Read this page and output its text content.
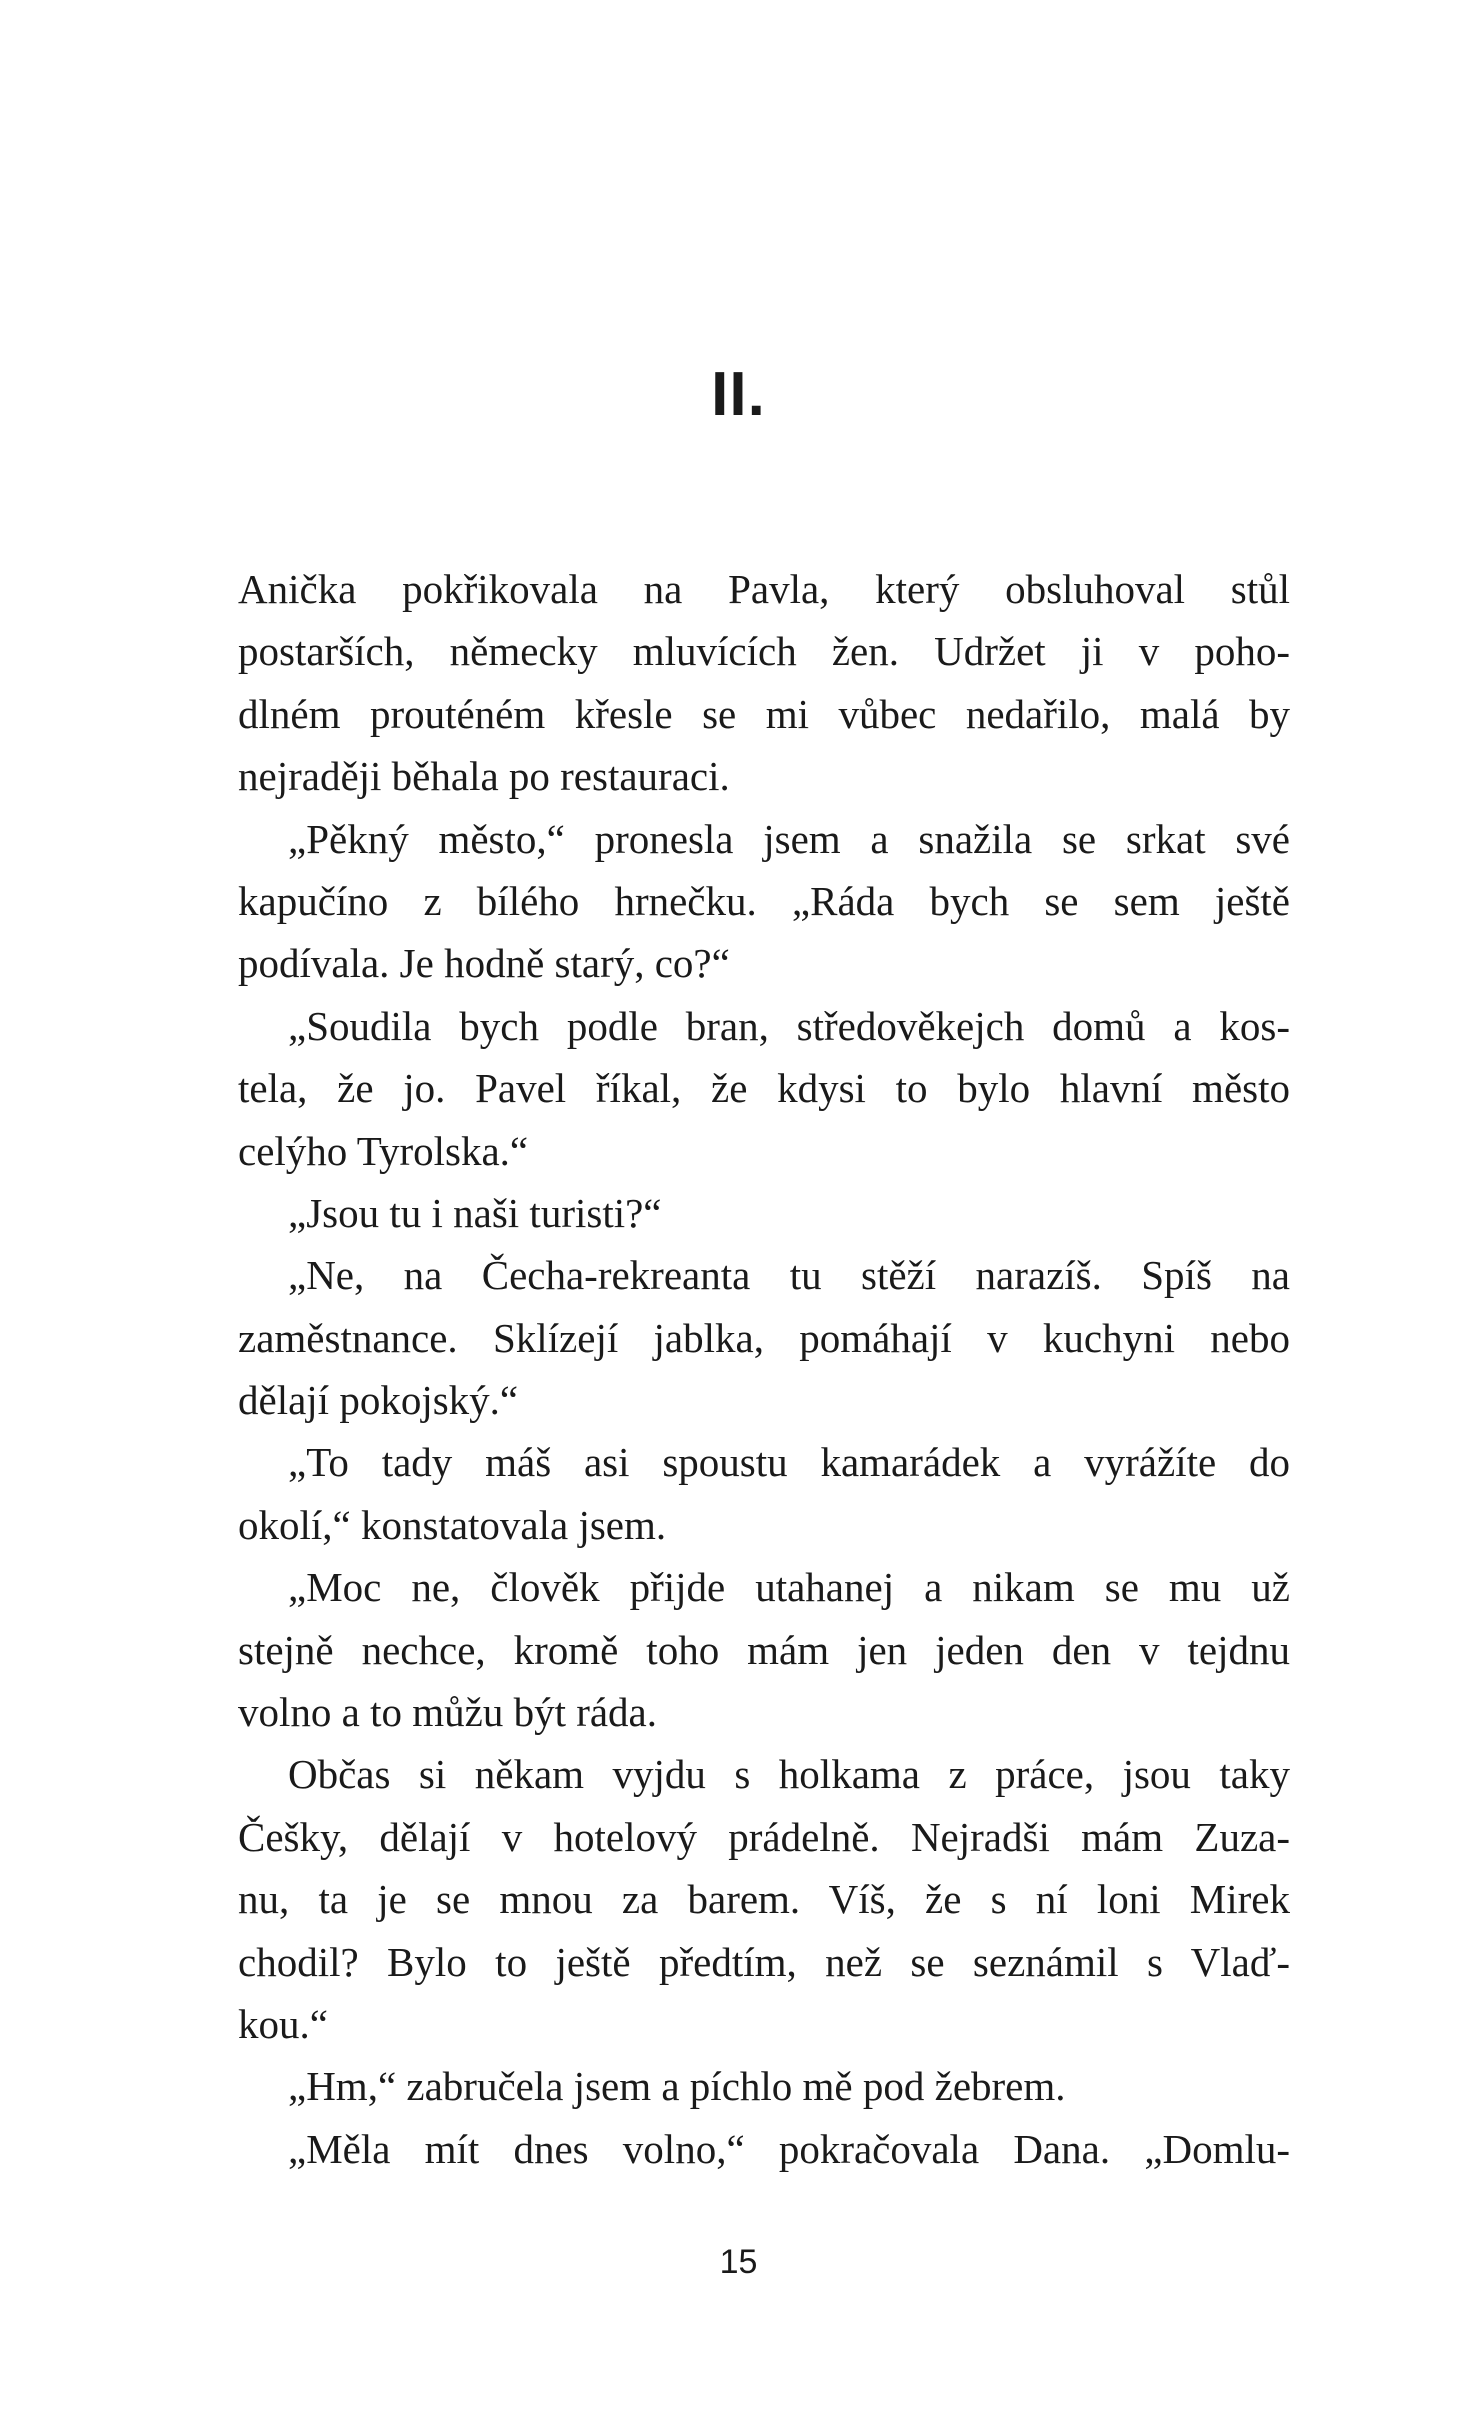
II.
Anička pokřikovala na Pavla, který obsluhoval stůl
postarších, německy mluvících žen. Udržet ji v poho-
dlném prouténém křesle se mi vůbec nedařilo, malá by
nejraději běhala po restauraci.
„Pěkný město,“ pronesla jsem a snažila se srkat své
kapučíno z bílého hrnečku. „Ráda bych se sem ještě
podívala. Je hodně starý, co?“
„Soudila bych podle bran, středověkejch domů a kos-
tela, že jo. Pavel říkal, že kdysi to bylo hlavní město
celýho Tyrolska.“
„Jsou tu i naši turisti?“
„Ne, na Čecha-rekreanta tu stěží narazíš. Spíš na
zaměstnance. Sklízejí jablka, pomáhají v kuchyni nebo
dělají pokojský.“
„To tady máš asi spoustu kamarádek a vyrážíte do
okolí,“ konstatovala jsem.
„Moc ne, člověk přijde utahanej a nikam se mu už
stejně nechce, kromě toho mám jen jeden den v tejdnu
volno a to můžu být ráda.
Občas si někam vyjdu s holkama z práce, jsou taky
Češky, dělají v hotelový prádelně. Nejradši mám Zuza-
nu, ta je se mnou za barem. Víš, že s ní loni Mirek
chodil? Bylo to ještě předtím, než se seznámil s Vlaď-
kou.“
„Hm,“ zabručela jsem a píchlo mě pod žebrem.
„Měla mít dnes volno,“ pokračovala Dana. „Domlu-
15
